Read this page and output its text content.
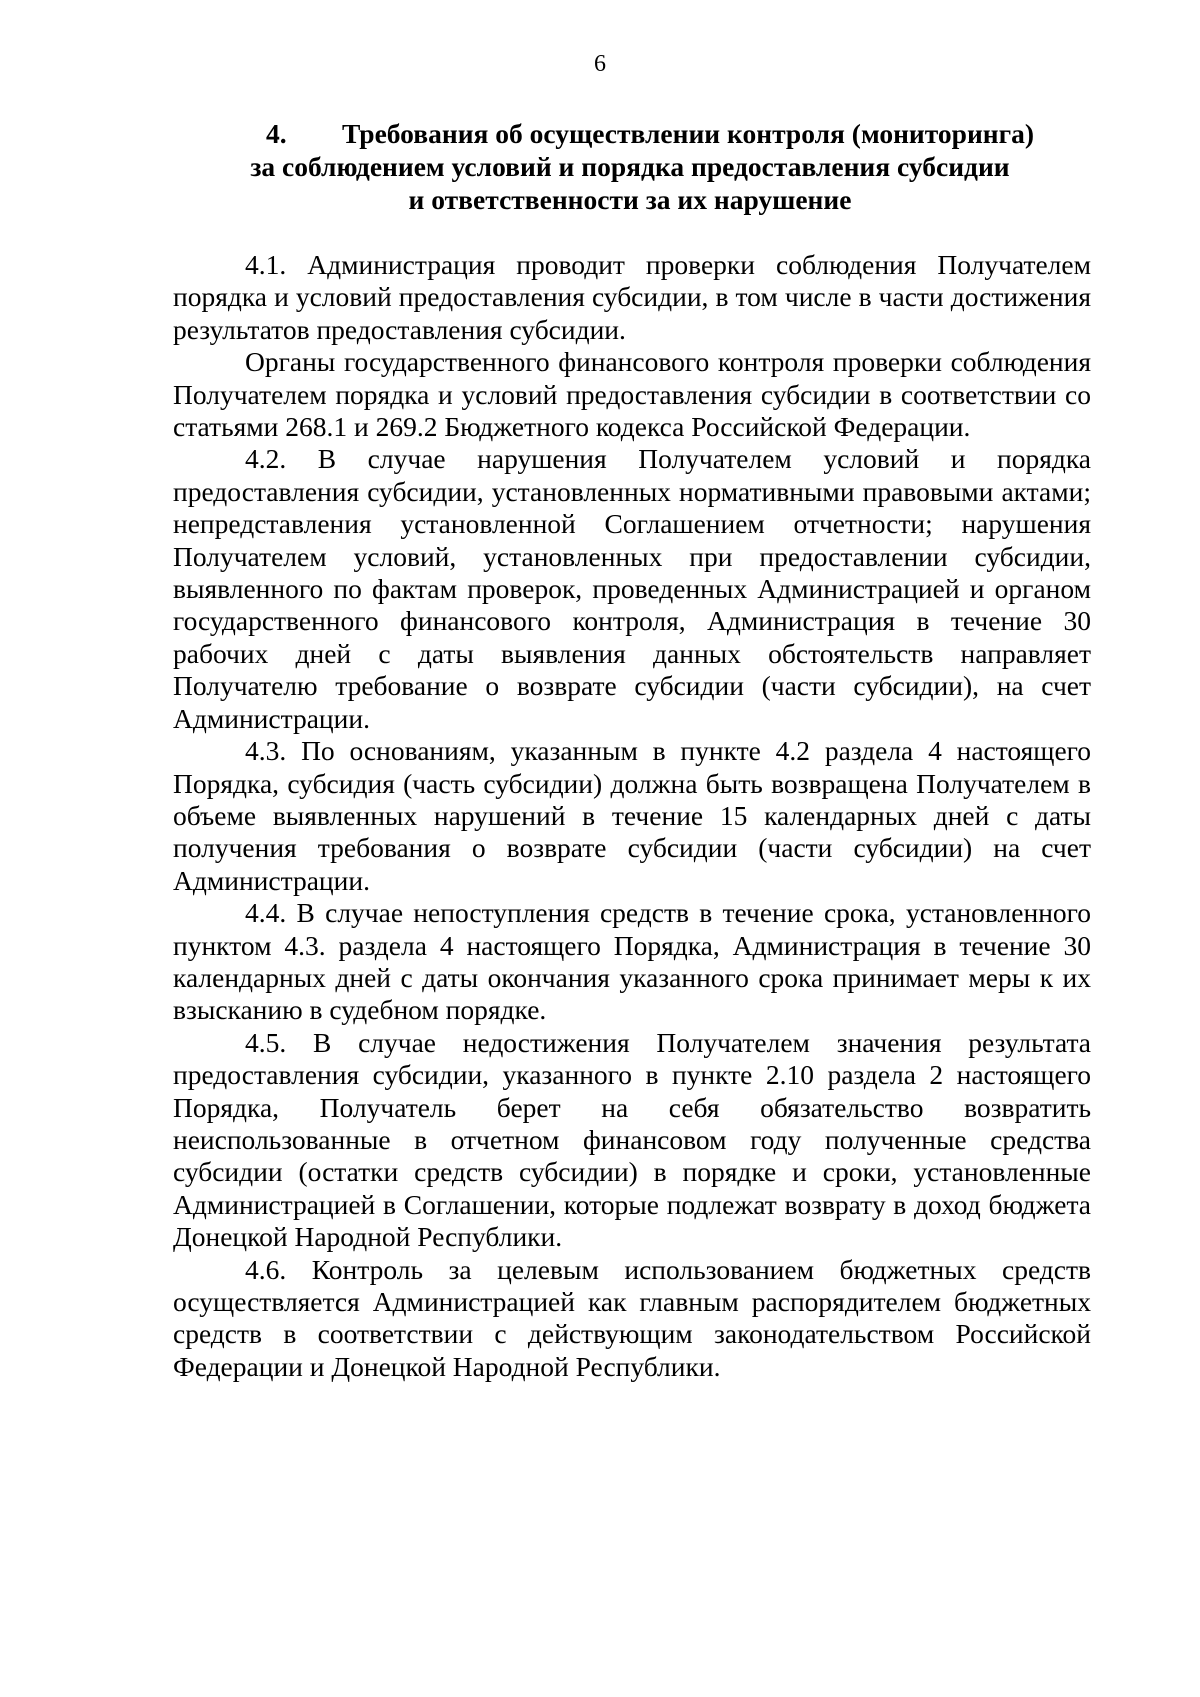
6

4. Требования об осуществлении контроля (мониторинга)
за соблюдением условий и порядка предоставления субсидии
и ответственности за их нарушение

4.1. Администрация проводит проверки соблюдения Получателем порядка и условий предоставления субсидии, в том числе в части достижения результатов предоставления субсидии.

Органы государственного финансового контроля проверки соблюдения Получателем порядка и условий предоставления субсидии в соответствии со статьями 268.1 и 269.2 Бюджетного кодекса Российской Федерации.

4.2. В случае нарушения Получателем условий и порядка предоставления субсидии, установленных нормативными правовыми актами; непредставления установленной Соглашением отчетности; нарушения Получателем условий, установленных при предоставлении субсидии, выявленного по фактам проверок, проведенных Администрацией и органом государственного финансового контроля, Администрация в течение 30 рабочих дней с даты выявления данных обстоятельств направляет Получателю требование о возврате субсидии (части субсидии), на счет Администрации.

4.3. По основаниям, указанным в пункте 4.2 раздела 4 настоящего Порядка, субсидия (часть субсидии) должна быть возвращена Получателем в объеме выявленных нарушений в течение 15 календарных дней с даты получения требования о возврате субсидии (части субсидии) на счет Администрации.

4.4. В случае непоступления средств в течение срока, установленного пунктом 4.3. раздела 4 настоящего Порядка, Администрация в течение 30 календарных дней с даты окончания указанного срока принимает меры к их взысканию в судебном порядке.

4.5. В случае недостижения Получателем значения результата предоставления субсидии, указанного в пункте 2.10 раздела 2 настоящего Порядка, Получатель берет на себя обязательство возвратить неиспользованные в отчетном финансовом году полученные средства субсидии (остатки средств субсидии) в порядке и сроки, установленные Администрацией в Соглашении, которые подлежат возврату в доход бюджета Донецкой Народной Республики.

4.6. Контроль за целевым использованием бюджетных средств осуществляется Администрацией как главным распорядителем бюджетных средств в соответствии с действующим законодательством Российской Федерации и Донецкой Народной Республики.
